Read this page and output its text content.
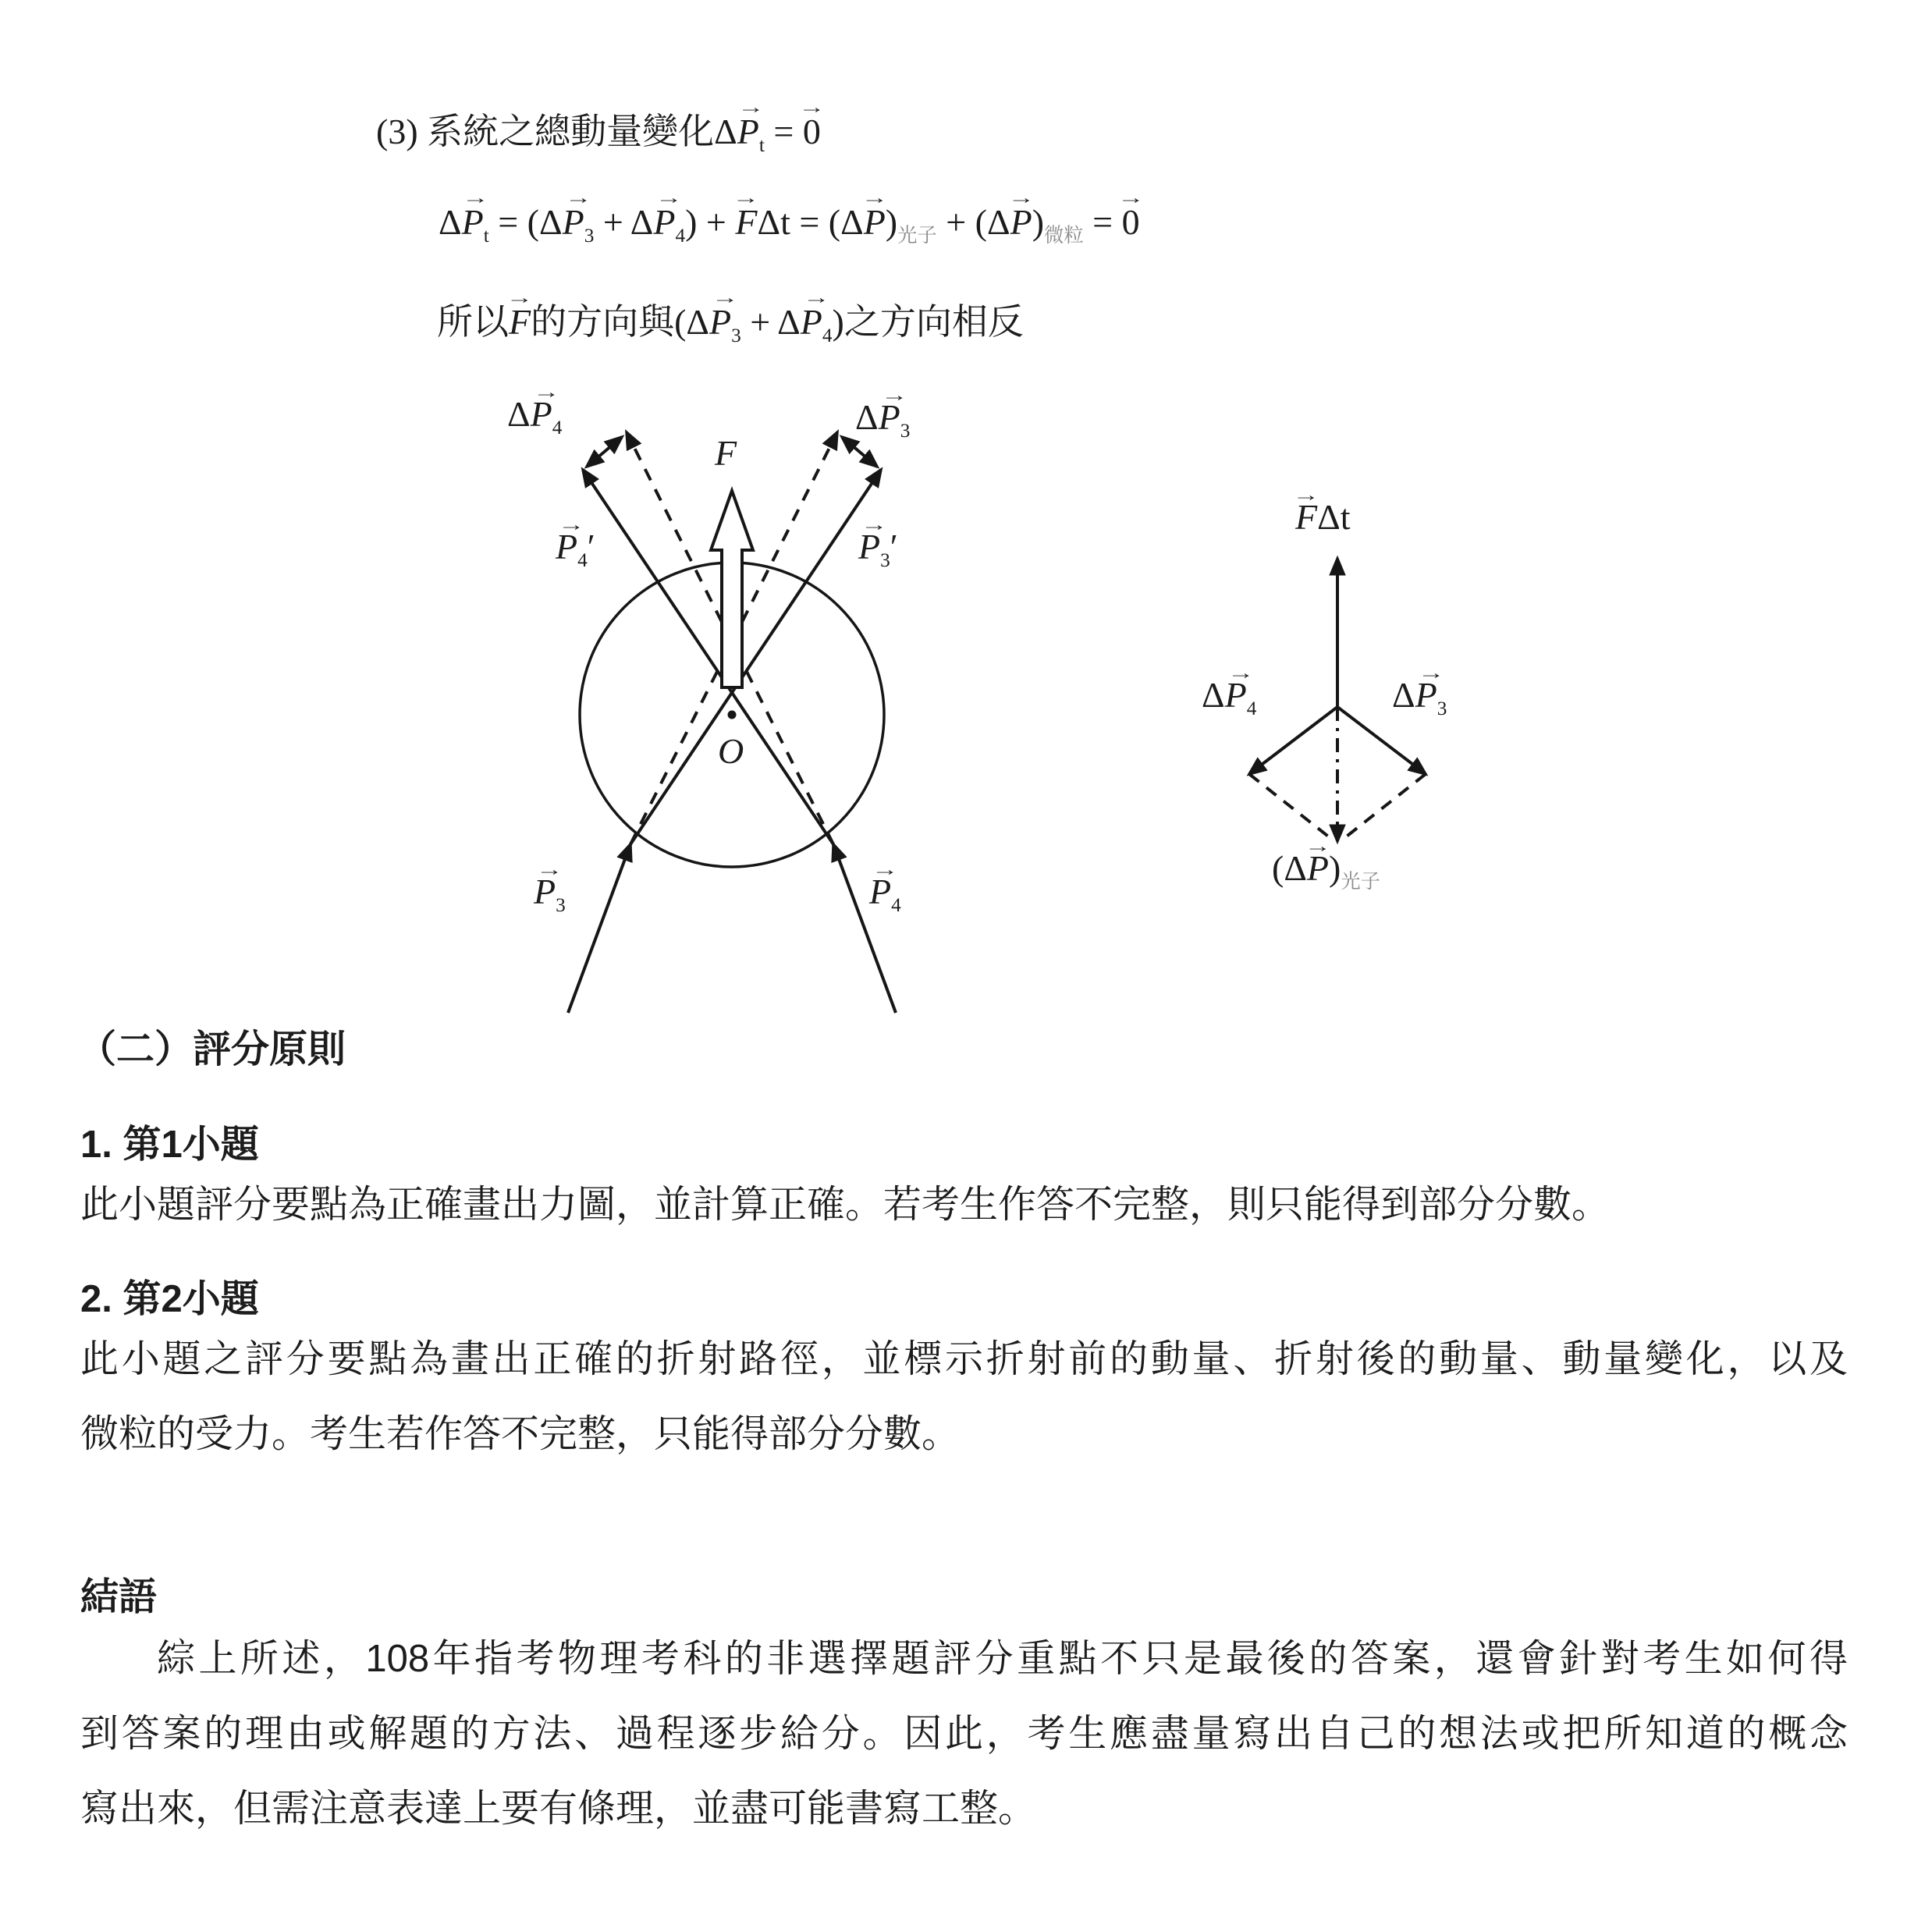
(3) 系統之總動量變化$\Delta P_t$ → = 0 →
$\Delta P_t$ → = ($\Delta P_3$ → + $\Delta P_4$ →) + $F \to\Delta t = (\Delta P \to)_{光子} + (\Delta P \to)_{微粒} = 0$ →
所以F →的方向與($\Delta P_3$ → + $\Delta P_4$ →)之方向相反
$\Delta P_4$ →
F
$\Delta P_3$ →
$P_4$ →′	$P_3$ →′
O
$P_3$ →	$P_4$ →
F →Δt
$\Delta P_4$ →	$\Delta P_3$ →
$(\Delta P \to)_{光子}$
（二）評分原則
1. 第1小題
此小題評分要點為正確畫出力圖，並計算正確。若考生作答不完整，則只能得到部分分數。
2. 第2小題
此小題之評分要點為畫出正確的折射路徑，並標示折射前的動量、折射後的動量、動量變化，以及
微粒的受力。考生若作答不完整，只能得部分分數。
結語
綜上所述，108年指考物理考科的非選擇題評分重點不只是最後的答案，還會針對考生如何得
到答案的理由或解題的方法、過程逐步給分。因此，考生應盡量寫出自己的想法或把所知道的概念
寫出來，但需注意表達上要有條理，並盡可能書寫工整。
